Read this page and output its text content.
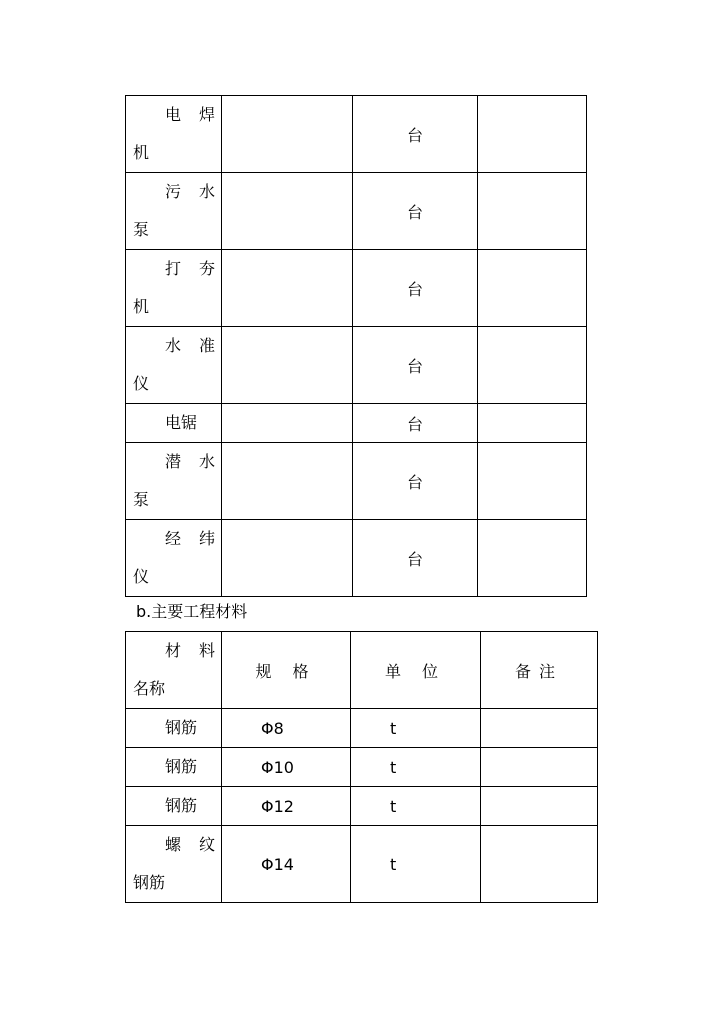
电　焊
机		台	

污　水
泵		台	

打　夯
机		台	

水　准
仪		台	

电锯		台	

潜　水
泵		台	

经　纬
仪		台	
b.主要工程材料
材　料
名称	规 格	单 位	备注

钢筋	Φ8	t	

钢筋	Φ10	t	

钢筋	Φ12	t	

螺　纹
钢筋	Φ14	t	
